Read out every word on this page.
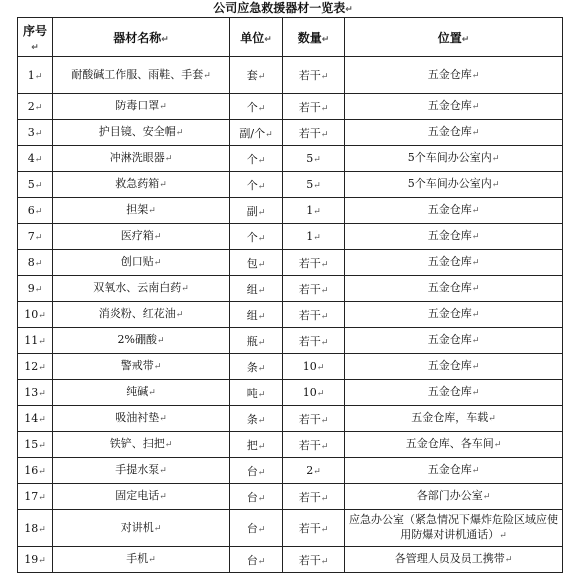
公司应急救援器材一览表↵
序号↵	器材名称↵	单位↵	数量↵	位置↵
1↵	耐酸碱工作服、雨鞋、手套↵	套↵	若干↵	五金仓库↵
2↵	防毒口罩↵	个↵	若干↵	五金仓库↵
3↵	护目镜、安全帽↵	副/个↵	若干↵	五金仓库↵
4↵	冲淋洗眼器↵	个↵	5↵	5个车间办公室内↵
5↵	救急药箱↵	个↵	5↵	5个车间办公室内↵
6↵	担架↵	副↵	1↵	五金仓库↵
7↵	医疗箱↵	个↵	1↵	五金仓库↵
8↵	创口贴↵	包↵	若干↵	五金仓库↵
9↵	双氧水、云南白药↵	组↵	若干↵	五金仓库↵
10↵	消炎粉、红花油↵	组↵	若干↵	五金仓库↵
11↵	2%硼酸↵	瓶↵	若干↵	五金仓库↵
12↵	警戒带↵	条↵	10↵	五金仓库↵
13↵	纯碱↵	吨↵	10↵	五金仓库↵
14↵	吸油衬垫↵	条↵	若干↵	五金仓库，车载↵
15↵	铁铲、扫把↵	把↵	若干↵	五金仓库、各车间↵
16↵	手提水泵↵	台↵	2↵	五金仓库↵
17↵	固定电话↵	台↵	若干↵	各部门办公室↵
18↵	对讲机↵	台↵	若干↵	应急办公室（紧急情况下爆炸危险区域应使用防爆对讲机通话）↵
19↵	手机↵	台↵	若干↵	各管理人员及员工携带↵
